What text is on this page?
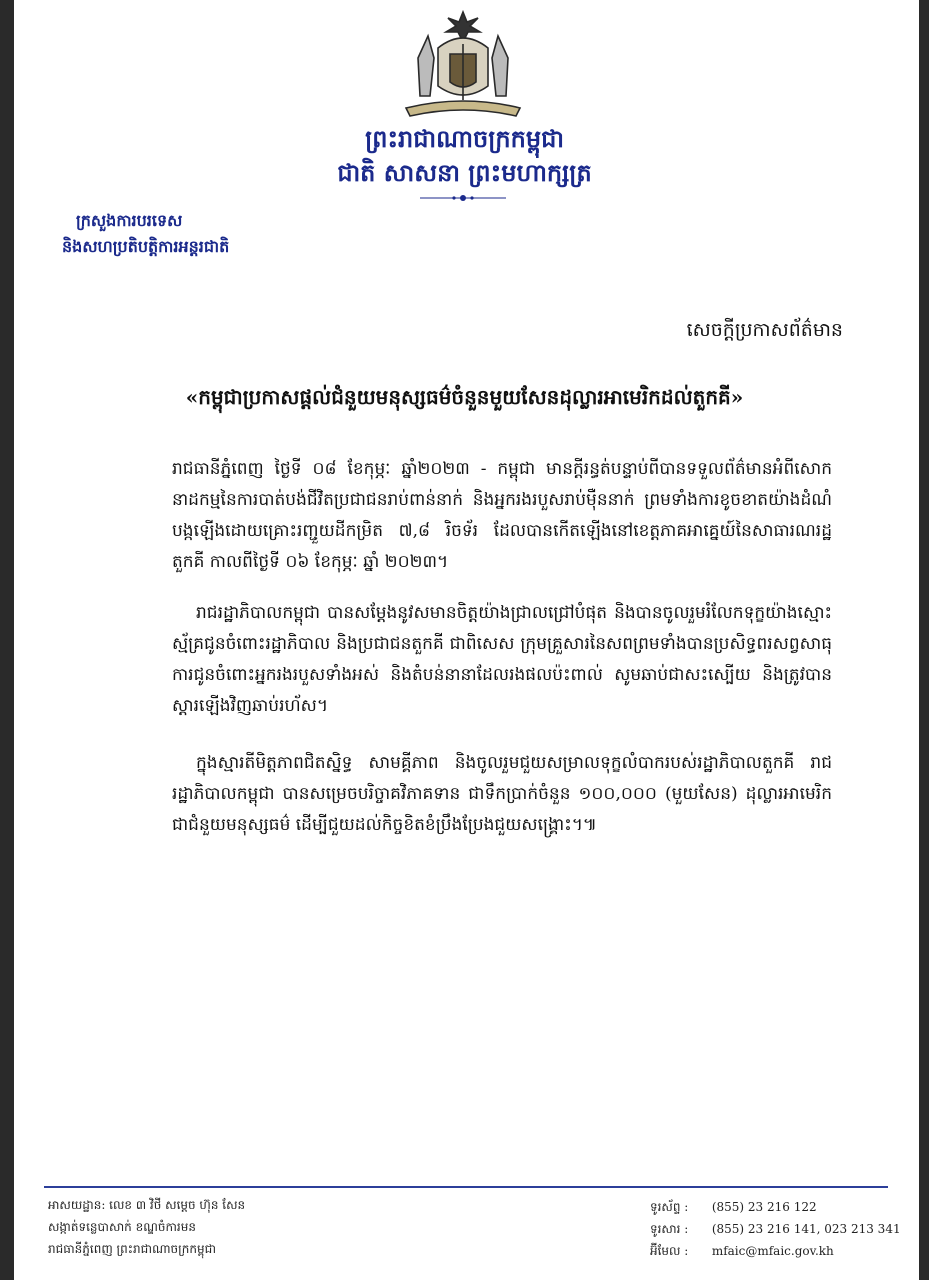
ព្រះរាជាណាចក្រកម្ពុជា
ជាតិ សាសនា ព្រះមហាក្សត្រ
ក្រសួងការបរទេស
និងសហប្រតិបត្តិការអន្តរជាតិ
សេចក្តីប្រកាសព័ត៌មាន
«កម្ពុជាប្រកាសផ្តល់ជំនួយមនុស្សធម៌ចំនួនមួយសែនដុល្លារអាមេរិកដល់តួកគី»
រាជធានីភ្នំពេញ ថ្ងៃទី ០៨ ខែកុម្ភៈ ឆ្នាំ២០២៣ - កម្ពុជា មានក្តីរន្ធត់បន្ទាប់ពីបានទទួលព័ត៌មានអំពីសោកនាដកម្មនៃការបាត់បង់ជីវិតប្រជាជនរាប់ពាន់នាក់ និងអ្នករងរបួសរាប់ម៉ឺននាក់ ព្រមទាំងការខូចខាតយ៉ាងដំណំ បង្កឡើងដោយគ្រោះរញ្ជួយដីកម្រិត ៧,៨ រិចទ័រ ដែលបានកើតឡើងនៅខេត្តភាគអាគ្នេយ៍នៃសាធារណរដ្ឋតួកគី កាលពីថ្ងៃទី ០៦ ខែកុម្ភៈ ឆ្នាំ ២០២៣។
រាជរដ្ឋាភិបាលកម្ពុជា បានសម្តែងនូវសមានចិត្តយ៉ាងជ្រាលជ្រៅបំផុត និងបានចូលរួមរំលែកទុក្ខយ៉ាងស្មោះស្ម័គ្រជូនចំពោះរដ្ឋាភិបាល និងប្រជាជនតួកគី ជាពិសេស ក្រុមគ្រួសារនៃសពព្រមទាំងបានប្រសិទ្ធពរសព្វសាធុការជូនចំពោះអ្នករងរបួសទាំងអស់ និងតំបន់នានាដែលរងផលប៉ះពាល់ សូមឆាប់ជាសះស្បើយ និងត្រូវបានស្តារឡើងវិញឆាប់រហ័ស។
ក្នុងស្មារតីមិត្តភាពជិតស្និទ្ធ សាមគ្គីភាព និងចូលរួមជួយសម្រាលទុក្ខលំបាករបស់រដ្ឋាភិបាលតួកគី រាជរដ្ឋាភិបាលកម្ពុជា បានសម្រេចបរិច្ចាគវិភាគទាន ជាទឹកប្រាក់ចំនួន ១០០,០០០ (មួយសែន) ដុល្លារអាមេរិក ជាជំនួយមនុស្សធម៌ ដើម្បីជួយដល់កិច្ចខិតខំប្រឹងប្រែងជួយសង្គ្រោះ។៕
អាសយដ្ឋាន: លេខ ៣ វិថី សម្តេច ហ៊ុន សែន
សង្កាត់ទន្លេបាសាក់ ខណ្ឌចំការមន
រាជធានីភ្នំពេញ ព្រះរាជាណាចក្រកម្ពុជា
ទូរស័ព្ទ : (855) 23 216 122
ទូរសារ : (855) 23 216 141, 023 213 341
អ៊ីមែល : mfaic@mfaic.gov.kh
